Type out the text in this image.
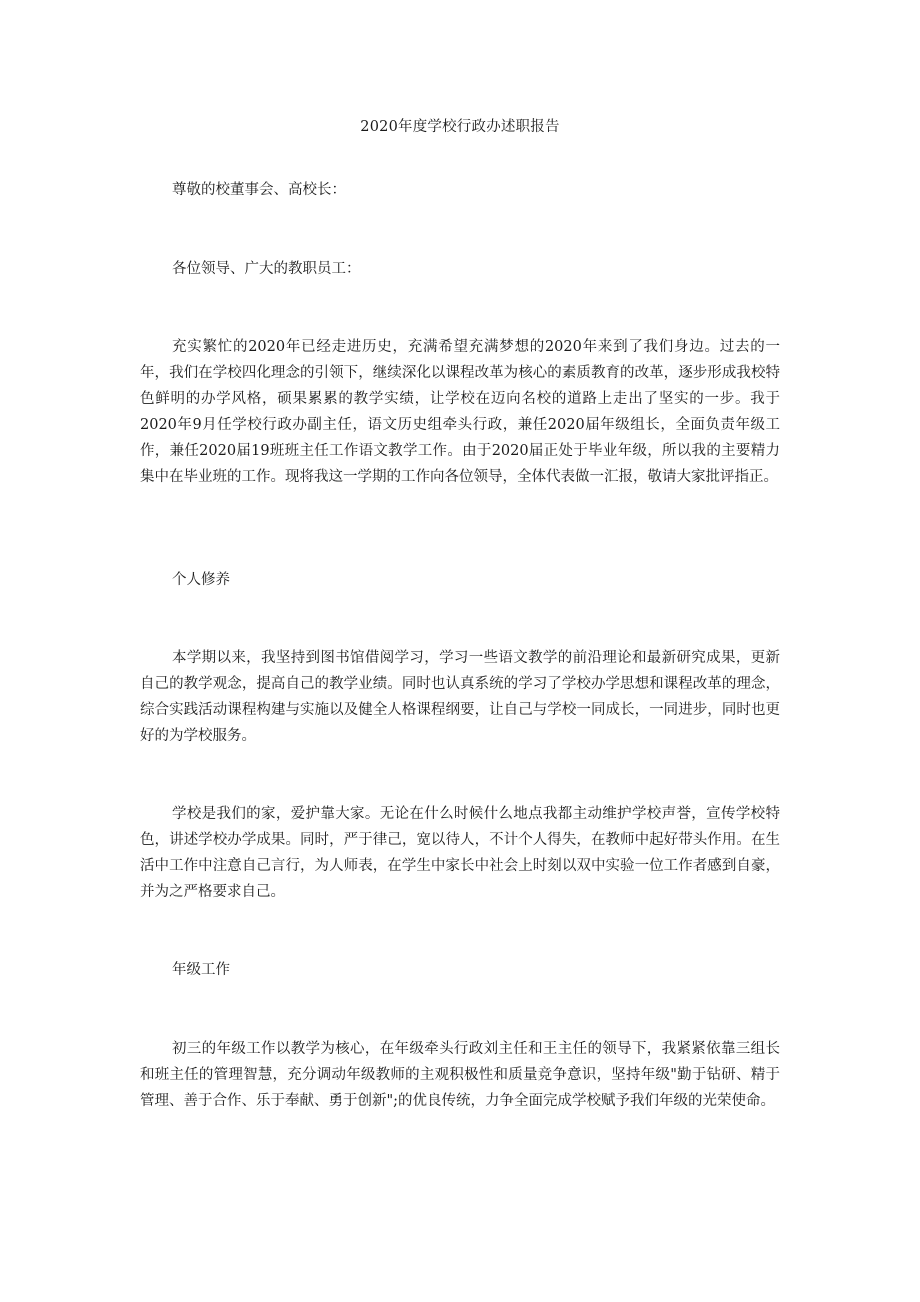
2020年度学校行政办述职报告

尊敬的校董事会、高校长：

各位领导、广大的教职员工：

充实繁忙的2020年已经走进历史，充满希望充满梦想的2020年来到了我们身边。过去的一年，我们在学校四化理念的引领下，继续深化以课程改革为核心的素质教育的改革，逐步形成我校特色鲜明的办学风格，硕果累累的教学实绩，让学校在迈向名校的道路上走出了坚实的一步。我于2020年9月任学校行政办副主任，语文历史组牵头行政，兼任2020届年级组长，全面负责年级工作，兼任2020届19班班主任工作语文教学工作。由于2020届正处于毕业年级，所以我的主要精力集中在毕业班的工作。现将我这一学期的工作向各位领导，全体代表做一汇报，敬请大家批评指正。

个人修养

本学期以来，我坚持到图书馆借阅学习，学习一些语文教学的前沿理论和最新研究成果，更新自己的教学观念，提高自己的教学业绩。同时也认真系统的学习了学校办学思想和课程改革的理念，综合实践活动课程构建与实施以及健全人格课程纲要，让自己与学校一同成长，一同进步，同时也更好的为学校服务。

学校是我们的家，爱护靠大家。无论在什么时候什么地点我都主动维护学校声誉，宣传学校特色，讲述学校办学成果。同时，严于律己，宽以待人，不计个人得失，在教师中起好带头作用。在生活中工作中注意自己言行，为人师表，在学生中家长中社会上时刻以双中实验一位工作者感到自豪，并为之严格要求自己。

年级工作

初三的年级工作以教学为核心，在年级牵头行政刘主任和王主任的领导下，我紧紧依靠三组长和班主任的管理智慧，充分调动年级教师的主观积极性和质量竞争意识，坚持年级"勤于钻研、精于管理、善于合作、乐于奉献、勇于创新";的优良传统，力争全面完成学校赋予我们年级的光荣使命。
